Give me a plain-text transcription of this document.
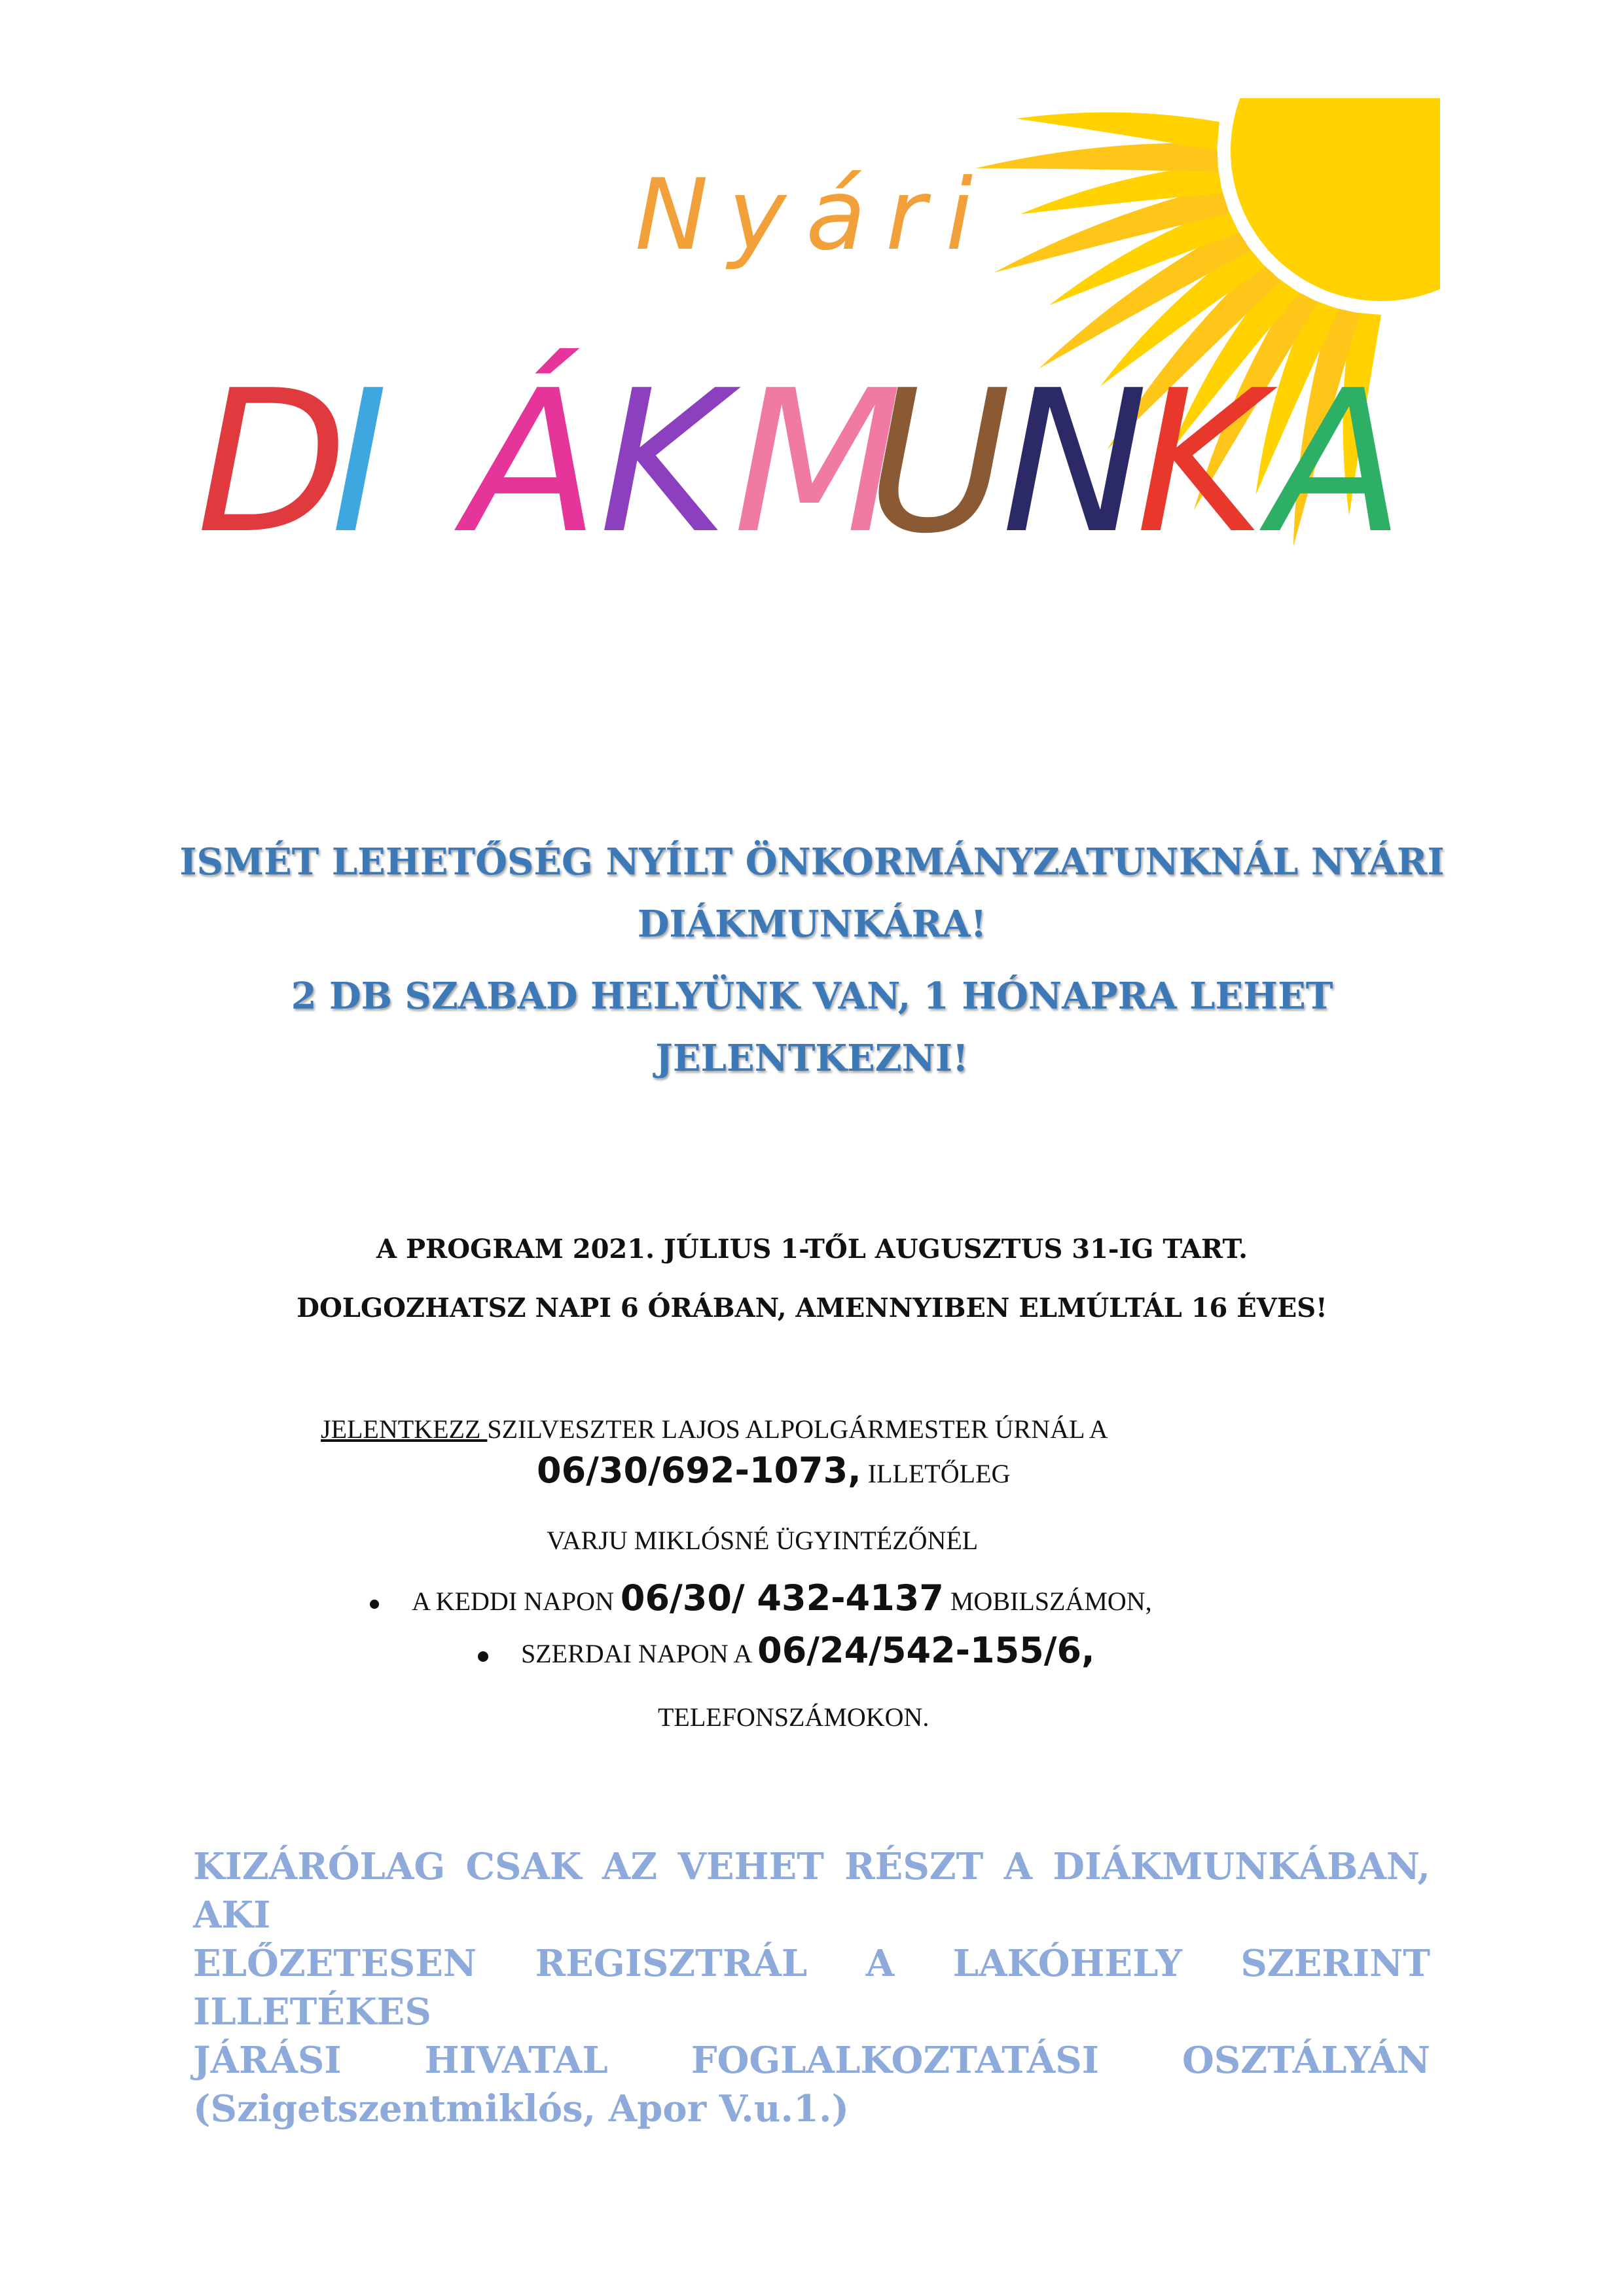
Nyári
D
I Á K M
U
N
K A
ISMÉT LEHETŐSÉG NYÍLT ÖNKORMÁNYZATUNKNÁL NYÁRI DIÁKMUNKÁRA!
2 DB SZABAD HELYÜNK VAN, 1 HÓNAPRA LEHET JELENTKEZNI!
A PROGRAM 2021. JÚLIUS 1-TŐL AUGUSZTUS 31-IG TART.
DOLGOZHATSZ NAPI 6 ÓRÁBAN, AMENNYIBEN ELMÚLTÁL 16 ÉVES!
JELENTKEZZ SZILVESZTER LAJOS ALPOLGÁRMESTER ÚRNÁL A
06/30/692-1073, ILLETŐLEG
VARJU MIKLÓSNÉ ÜGYINTÉZŐNÉL
A KEDDI NAPON 06/30/ 432-4137 MOBILSZÁMON,
SZERDAI NAPON A 06/24/542-155/6,
TELEFONSZÁMOKON.
KIZÁRÓLAG CSAK AZ VEHET RÉSZT A DIÁKMUNKÁBAN, AKI
ELŐZETESEN REGISZTRÁL A LAKÓHELY SZERINT ILLETÉKES
JÁRÁSI HIVATAL FOGLALKOZTATÁSI OSZTÁLYÁN
(Szigetszentmiklós, Apor V.u.1.)
